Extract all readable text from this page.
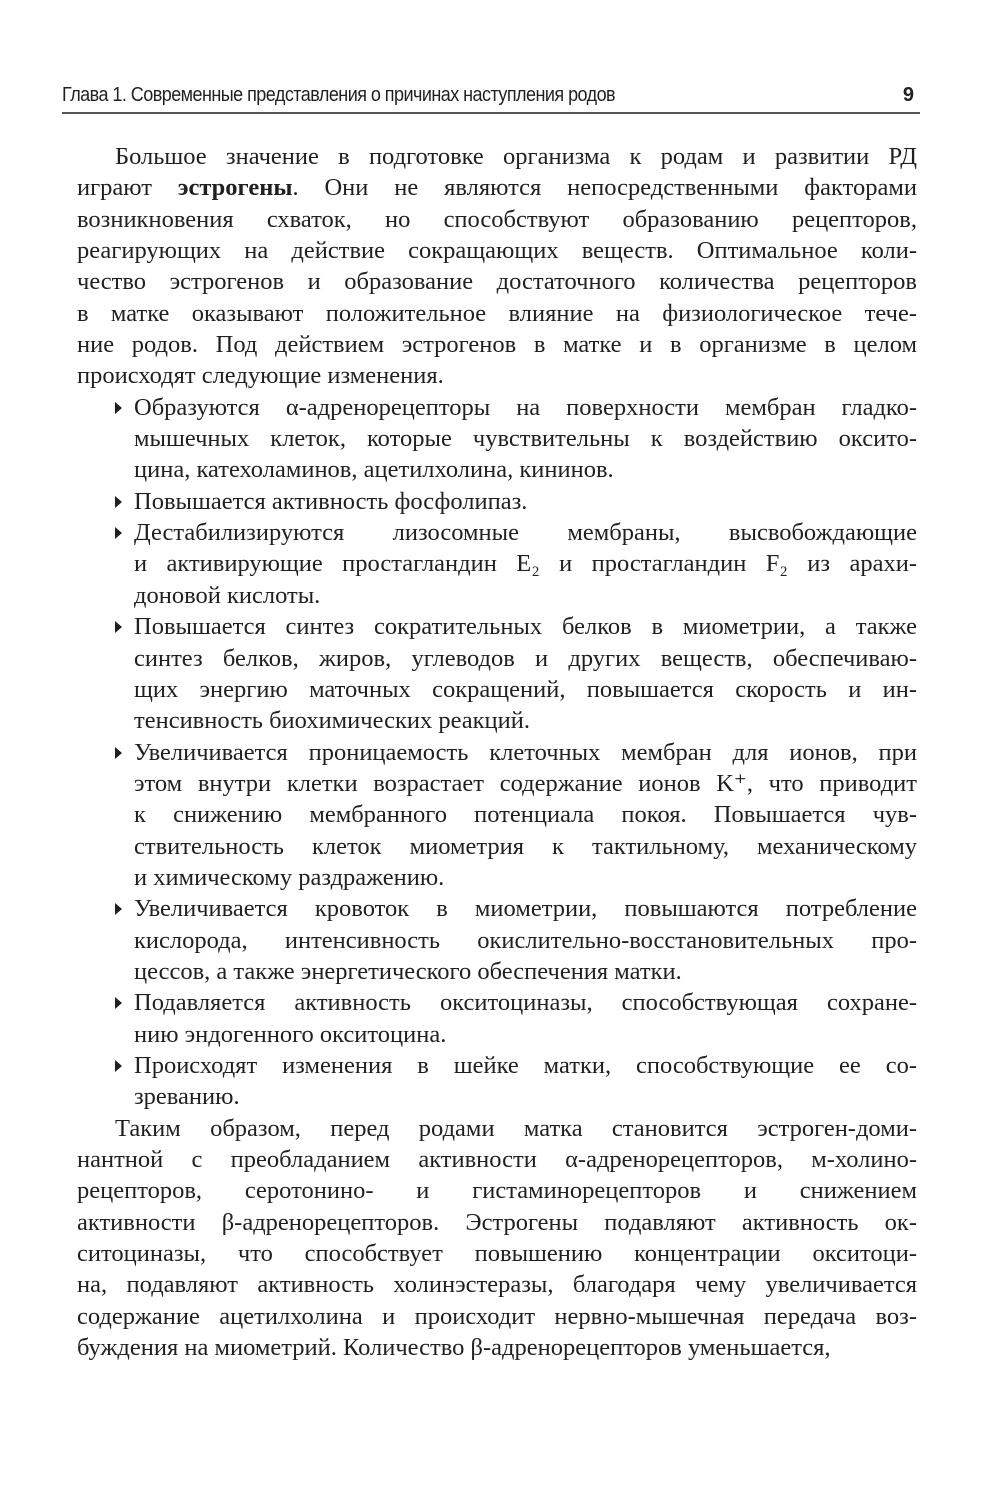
Глава 1. Современные представления о причинах наступления родов	9
Большое значение в подготовке организма к родам и развитии РД
играют эстрогены. Они не являются непосредственными факторами
возникновения схваток, но способствуют образованию рецепторов,
реагирующих на действие сокращающих веществ. Оптимальное коли-
чество эстрогенов и образование достаточного количества рецепторов
в матке оказывают положительное влияние на физиологическое тече-
ние родов. Под действием эстрогенов в матке и в организме в целом
происходят следующие изменения.
Образуются α-адренорецепторы на поверхности мембран гладко-
мышечных клеток, которые чувствительны к воздействию оксито-
цина, катехоламинов, ацетилхолина, кининов.
Повышается активность фосфолипаз.
Дестабилизируются лизосомные мембраны, высвобождающие
и активирующие простагландин E₂ и простагландин F₂ из арахи-
доновой кислоты.
Повышается синтез сократительных белков в миометрии, а также
синтез белков, жиров, углеводов и других веществ, обеспечиваю-
щих энергию маточных сокращений, повышается скорость и ин-
тенсивность биохимических реакций.
Увеличивается проницаемость клеточных мембран для ионов, при
этом внутри клетки возрастает содержание ионов K⁺, что приводит
к снижению мембранного потенциала покоя. Повышается чув-
ствительность клеток миометрия к тактильному, механическому
и химическому раздражению.
Увеличивается кровоток в миометрии, повышаются потребление
кислорода, интенсивность окислительно-восстановительных про-
цессов, а также энергетического обеспечения матки.
Подавляется активность окситоциназы, способствующая сохране-
нию эндогенного окситоцина.
Происходят изменения в шейке матки, способствующие ее со-
зреванию.
Таким образом, перед родами матка становится эстроген-доми-
нантной с преобладанием активности α-адренорецепторов, м-холино-
рецепторов, серотонино- и гистаминорецепторов и снижением
активности β-адренорецепторов. Эстрогены подавляют активность ок-
ситоциназы, что способствует повышению концентрации окситоци-
на, подавляют активность холинэстеразы, благодаря чему увеличивается
содержание ацетилхолина и происходит нервно-мышечная передача воз-
буждения на миометрий. Количество β-адренорецепторов уменьшается,
